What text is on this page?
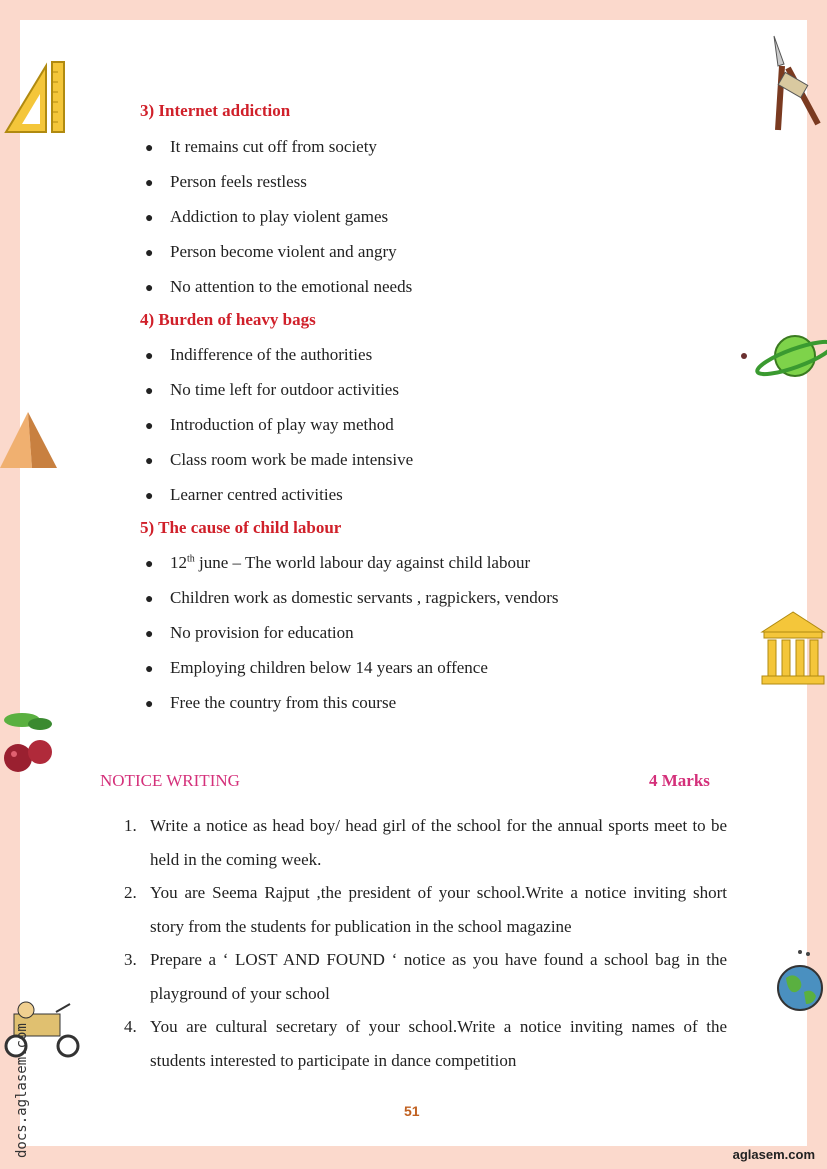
3) Internet addiction
● It remains cut off from society
● Person feels restless
● Addiction to play violent games
● Person become violent and angry
● No attention to the emotional needs
4) Burden of heavy bags
● Indifference of the authorities
● No time left for outdoor activities
● Introduction of play way method
● Class room work be made intensive
● Learner centred activities
5) The cause of child labour
● 12th june – The world labour day against child labour
● Children work as domestic servants , ragpickers, vendors
● No provision for education
● Employing children below 14 years an offence
● Free the country from this course
NOTICE WRITING	4 Marks
1. Write a notice as head boy/ head girl of the school for the annual sports meet to be held in the coming week.
2. You are Seema Rajput ,the president of your school.Write a notice inviting short story from the students for publication in the school magazine
3. Prepare a ‘ LOST AND FOUND ‘ notice as you have found a school bag in the playground of your school
4. You are cultural secretary of your school.Write a notice inviting names of the students interested to participate in dance competition
51
docs.aglasem.com	aglasem.com
